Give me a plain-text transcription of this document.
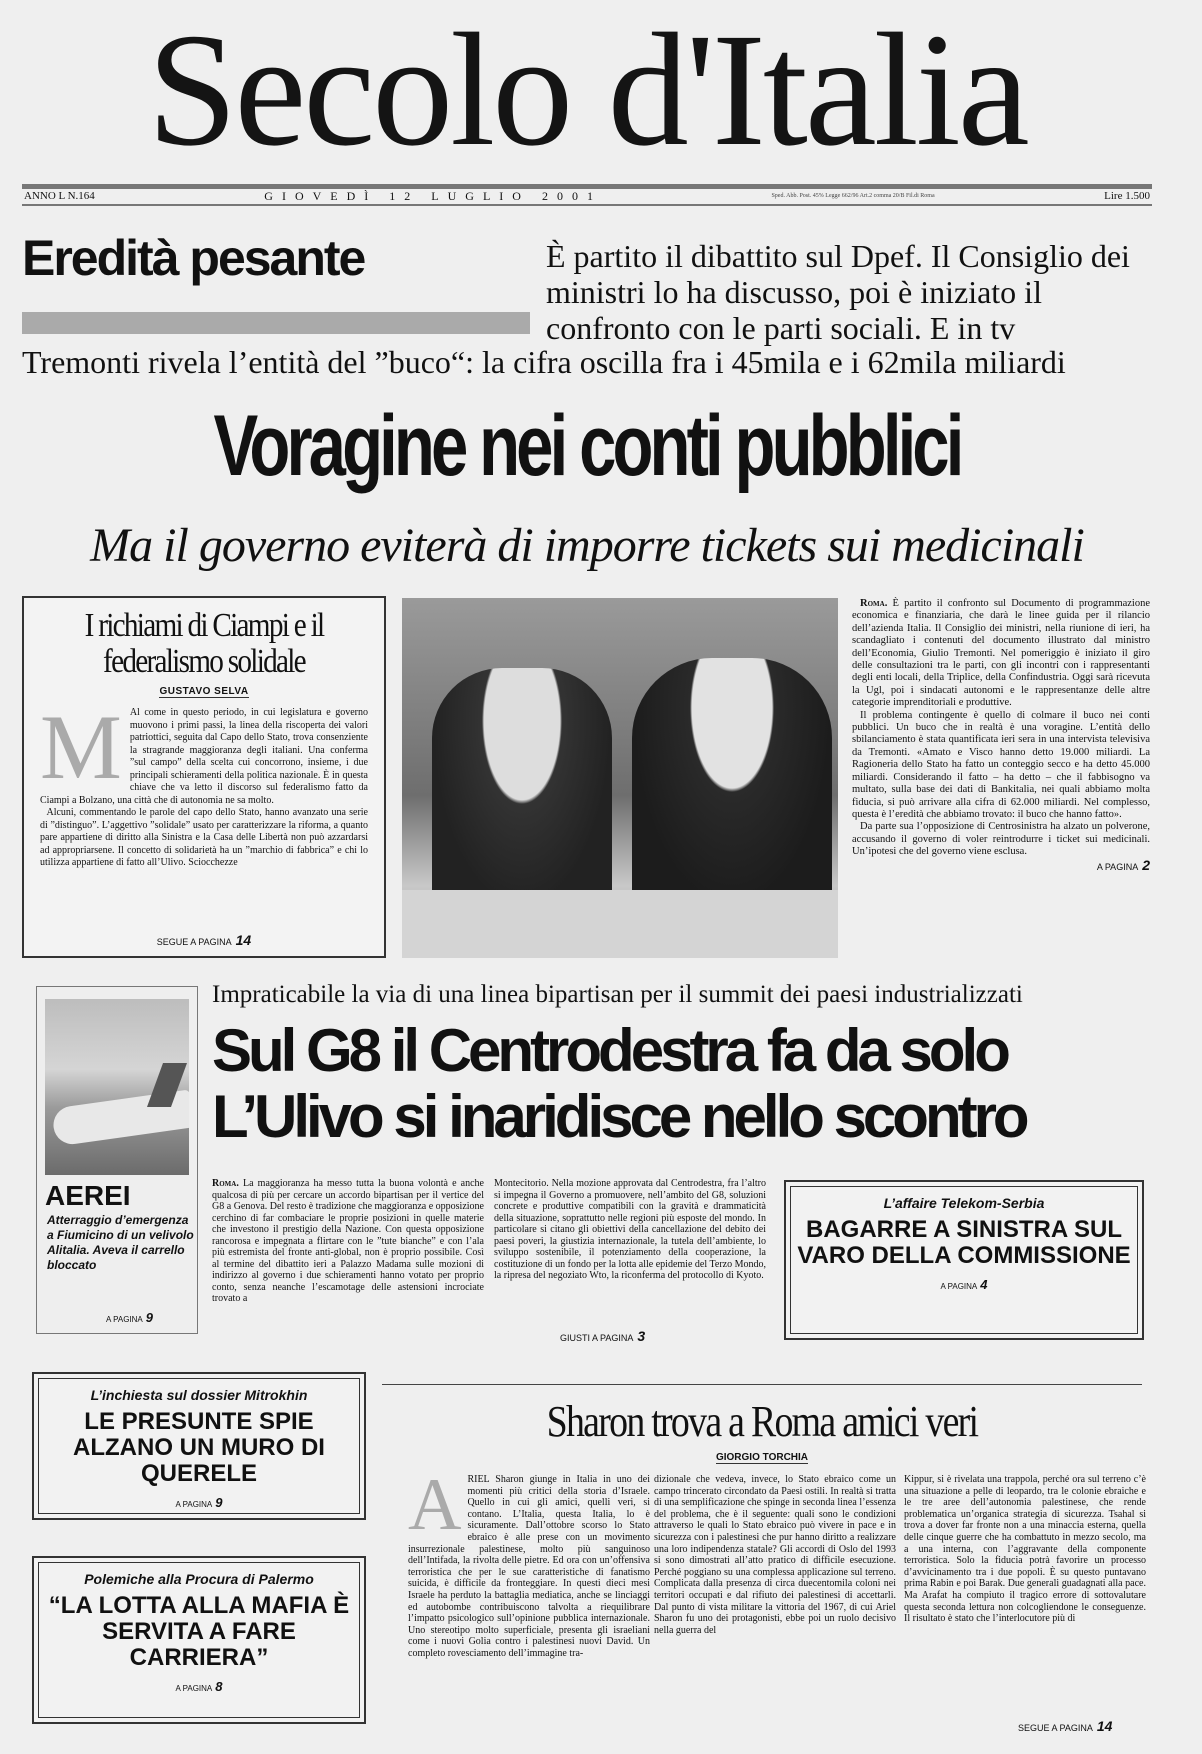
Secolo d'Italia
ANNO L N.164	GIOVEDÌ 12 LUGLIO 2001	Sped. Abb. Post. 45% Legge 662/96 Art.2 comma 20/B Fil.di Roma	Lire 1.500
Eredità pesante	È partito il dibattito sul Dpef. Il Consiglio dei ministri lo ha discusso, poi è iniziato il confronto con le parti sociali. E in tv
Tremonti rivela l’entità del ”buco“: la cifra oscilla fra i 45mila e i 62mila miliardi
Voragine nei conti pubblici
Ma il governo eviterà di imporre tickets sui medicinali
I richiami di Ciampi e il federalismo solidale
GUSTAVO SELVA
M Al come in questo periodo, in cui legislatura e governo muovono i primi passi, la linea della riscoperta dei valori patriottici, seguita dal Capo dello Stato, trova consenziente la stragrande maggioranza degli italiani. Una conferma ”sul campo” della scelta cui concorrono, insieme, i due principali schieramenti della politica nazionale. È in questa chiave che va letto il discorso sul federalismo fatto da Ciampi a Bolzano, una città che di autonomia ne sa molto.
Alcuni, commentando le parole del capo dello Stato, hanno avanzato una serie di ”distinguo”. L’aggettivo ”solidale” usato per caratterizzare la riforma, a quanto pare appartiene di diritto alla Sinistra e la Casa delle Libertà non può azzardarsi ad appropriarsene. Il concetto di solidarietà ha un ”marchio di fabbrica” e chi lo utilizza appartiene di fatto all’Ulivo. Sciocchezze
SEGUE A PAGINA 14

Roma. È partito il confronto sul Documento di programmazione economica e finanziaria, che darà le linee guida per il rilancio dell’azienda Italia. Il Consiglio dei ministri, nella riunione di ieri, ha scandagliato i contenuti del documento illustrato dal ministro dell’Economia, Giulio Tremonti. Nel pomeriggio è iniziato il giro delle consultazioni tra le parti, con gli incontri con i rappresentanti degli enti locali, della Triplice, della Confindustria. Oggi sarà ricevuta la Ugl, poi i sindacati autonomi e le rappresentanze delle altre categorie imprenditoriali e produttive.

Il problema contingente è quello di colmare il buco nei conti pubblici. Un buco che in realtà è una voragine. L’entità dello sbilanciamento è stata quantificata ieri sera in una intervista televisiva da Tremonti. «Amato e Visco hanno detto 19.000 miliardi. La Ragioneria dello Stato ha fatto un conteggio secco e ha detto 45.000 miliardi. Considerando il fatto – ha detto – che il fabbisogno va multato, sulla base dei dati di Bankitalia, nei quali abbiamo molta fiducia, si può arrivare alla cifra di 62.000 miliardi. Nel complesso, questa è l’eredità che abbiamo trovato: il buco che hanno fatto».

Da parte sua l’opposizione di Centrosinistra ha alzato un polverone, accusando il governo di voler reintrodurre i ticket sui medicinali. Un’ipotesi che del governo viene esclusa.

A PAGINA 2
AEREI
Atterraggio d’emergenza a Fiumicino di un velivolo Alitalia. Aveva il carrello bloccato
A PAGINA 9
Impraticabile la via di una linea bipartisan per il summit dei paesi industrializzati
Sul G8 il Centrodestra fa da solo
L’Ulivo si inaridisce nello scontro
Roma. La maggioranza ha messo tutta la buona volontà e anche qualcosa di più per cercare un accordo bipartisan per il vertice del G8 a Genova. Del resto è tradizione che maggioranza e opposizione cerchino di far combaciare le proprie posizioni in quelle materie che investono il prestigio della Nazione. Con questa opposizione rancorosa e impegnata a flirtare con le ”tute bianche” e con l’ala più estremista del fronte anti-global, non è proprio possibile. Così al termine del dibattito ieri a Palazzo Madama sulle mozioni di indirizzo al governo i due schieramenti hanno votato per proprio conto, senza neanche l’escamotage delle astensioni incrociate trovato a
Montecitorio. Nella mozione approvata dal Centrodestra, fra l’altro si impegna il Governo a promuovere, nell’ambito del G8, soluzioni concrete e produttive compatibili con la gravità e drammaticità della situazione, soprattutto nelle regioni più esposte del mondo. In particolare si citano gli obiettivi della cancellazione del debito dei paesi poveri, la giustizia internazionale, la tutela dell’ambiente, lo sviluppo sostenibile, il potenziamento della cooperazione, la costituzione di un fondo per la lotta alle epidemie del Terzo Mondo, la ripresa del negoziato Wto, la riconferma del protocollo di Kyoto.
GIUSTI A PAGINA 3
L’affaire Telekom-Serbia
BAGARRE A SINISTRA SUL VARO DELLA COMMISSIONE
A PAGINA 4
L’inchiesta sul dossier Mitrokhin
LE PRESUNTE SPIE ALZANO UN MURO DI QUERELE
A PAGINA 9
Polemiche alla Procura di Palermo
“LA LOTTA ALLA MAFIA È SERVITA A FARE CARRIERA”
A PAGINA 8
Sharon trova a Roma amici veri
GIORGIO TORCHIA
ARIEL Sharon giunge in Italia in uno dei momenti più critici della storia d’Israele. Quello in cui gli amici, quelli veri, si contano. L’Italia, questa Italia, lo è sicuramente. Dall’ottobre scorso lo Stato ebraico è alle prese con un movimento insurrezionale palestinese, molto più sanguinoso dell’Intifada, la rivolta delle pietre. Ed ora con un’offensiva terroristica che per le sue caratteristiche di fanatismo suicida, è difficile da fronteggiare. In questi dieci mesi Israele ha perduto la battaglia mediatica, anche se linciaggi ed autobombe contribuiscono talvolta a riequilibrare l’impatto psicologico sull’opinione pubblica internazionale. Uno stereotipo molto superficiale, presenta gli israeliani come i nuovi Golia contro i palestinesi nuovi David. Un completo rovesciamento dell’immagine tra-
dizionale che vedeva, invece, lo Stato ebraico come un campo trincerato circondato da Paesi ostili. In realtà si tratta di una semplificazione che spinge in seconda linea l’essenza del problema, che è il seguente: quali sono le condizioni attraverso le quali lo Stato ebraico può vivere in pace e in sicurezza con i palestinesi che pur hanno diritto a realizzare una loro indipendenza statale? Gli accordi di Oslo del 1993 si sono dimostrati all’atto pratico di difficile esecuzione. Perché poggiano su una complessa applicazione sul terreno. Complicata dalla presenza di circa duecentomila coloni nei territori occupati e dal rifiuto dei palestinesi di accettarli. Dal punto di vista militare la vittoria del 1967, di cui Ariel Sharon fu uno dei protagonisti, ebbe poi un ruolo decisivo nella guerra del
Kippur, si è rivelata una trappola, perché ora sul terreno c’è una situazione a pelle di leopardo, tra le colonie ebraiche e le tre aree dell’autonomia palestinese, che rende problematica un’organica strategia di sicurezza. Tsahal si trova a dover far fronte non a una minaccia esterna, quella delle cinque guerre che ha combattuto in mezzo secolo, ma a una interna, con l’aggravante della componente terroristica. Solo la fiducia potrà favorire un processo d’avvicinamento tra i due popoli. È su questo puntavano prima Rabin e poi Barak. Due generali guadagnati alla pace. Ma Arafat ha compiuto il tragico errore di sottovalutare questa seconda lettura non colcogliendone le conseguenze. Il risultato è stato che l’interlocutore più di
SEGUE A PAGINA 14
